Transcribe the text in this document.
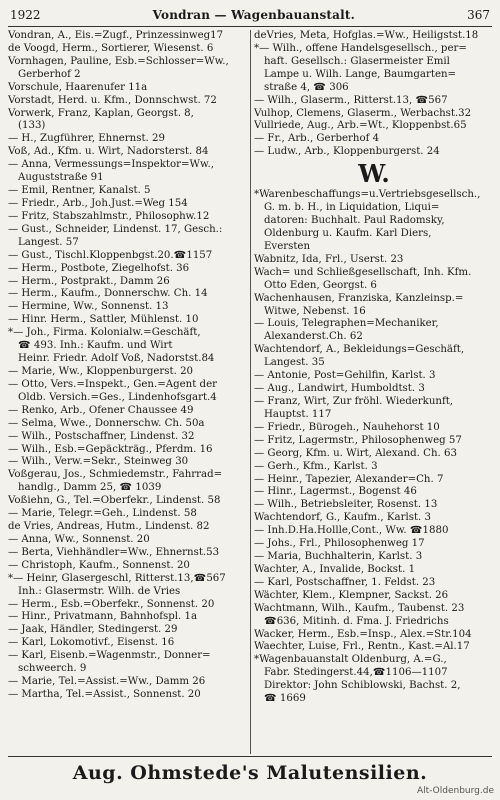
1922	Vondran — Wagenbauanstalt.	367
Vondran, A., Eis.=Zugf., Prinzessinweg17
de Voogd, Herm., Sortierer, Wiesenst. 6
Vornhagen, Pauline, Esb.=Schlosser=Ww.,
Gerberhof 2
Vorschule, Haarenufer 11a
Vorstadt, Herd. u. Kfm., Donnschwst. 72
Vorwerk, Franz, Kaplan, Georgst. 8,
(133)
— H., Zugführer, Ehnernst. 29
Voß, Ad., Kfm. u. Wirt, Nadorsterst. 84
— Anna, Vermessungs=Inspektor=Ww.,
Auguststraße 91
— Emil, Rentner, Kanalst. 5
— Friedr., Arb., Joh.Just.=Weg 154
— Fritz, Stabszahlmstr., Philosophw.12
— Gust., Schneider, Lindenst. 17, Gesch.:
Langest. 57
— Gust., Tischl.Kloppenbgst.20.☎1157
— Herm., Postbote, Ziegelhofst. 36
— Herm., Postprakt., Damm 26
— Herm., Kaufm., Donnerschw. Ch. 14
— Hermine, Ww., Sonnenst. 13
— Hinr. Herm., Sattler, Mühlenst. 10
*— Joh., Firma. Kolonialw.=Geschäft,
☎ 493. Inh.: Kaufm. und Wirt
Heinr. Friedr. Adolf Voß, Nadorstst.84
— Marie, Ww., Kloppenburgerst. 20
— Otto, Vers.=Inspekt., Gen.=Agent der
Oldb. Versich.=Ges., Lindenhofsgart.4
— Renko, Arb., Ofener Chaussee 49
— Selma, Wwe., Donnerschw. Ch. 50a
— Wilh., Postschaffner, Lindenst. 32
— Wilh., Esb.=Gepäckträg., Pferdm. 16
— Wilh., Verw.=Sekr., Steinweg 30
Voßgerau, Jos., Schmiedemstr., Fahrrad=
handlg., Damm 25, ☎ 1039
Voßiehn, G., Tel.=Oberfekr., Lindenst. 58
— Marie, Telegr.=Geh., Lindenst. 58
de Vries, Andreas, Hutm., Lindenst. 82
— Anna, Ww., Sonnenst. 20
— Berta, Viehhändler=Ww., Ehnernst.53
— Christoph, Kaufm., Sonnenst. 20
*— Heinr, Glasergeschl, Ritterst.13,☎567
Inh.: Glasermstr. Wilh. de Vries
— Herm., Esb.=Oberfekr., Sonnenst. 20
— Hinr., Privatmann, Bahnhofspl. 1a
— Jaak, Händler, Stedingerst. 29
— Karl, Lokomotivf., Eisenst. 16
— Karl, Eisenb.=Wagenmstr., Donner=
schweerch. 9
— Marie, Tel.=Assist.=Ww., Damm 26
— Martha, Tel.=Assist., Sonnenst. 20
deVries, Meta, Hofglas.=Ww., Heiligstst.18
*— Wilh., offene Handelsgesellsch., per=
haft. Gesellsch.: Glasermeister Emil
Lampe u. Wilh. Lange, Baumgarten=
straße 4, ☎ 306
— Wilh., Glaserm., Ritterst.13, ☎567
Vulhop, Clemens, Glaserm., Werbachst.32
Vullriede, Aug., Arb.=Wt., Kloppenbst.65
— Fr., Arb., Gerberhof 4
— Ludw., Arb., Kloppenburgerst. 24
W.
*Warenbeschaffungs=u.Vertriebsgesellsch.,
G. m. b. H., in Liquidation, Liqui=
datoren: Buchhalt. Paul Radomsky,
Oldenburg u. Kaufm. Karl Diers,
Eversten
Wabnitz, Ida, Frl., Userst. 23
Wach= und Schließgesellschaft, Inh. Kfm.
Otto Eden, Georgst. 6
Wachenhausen, Franziska, Kanzleinsp.=
Witwe, Nebenst. 16
— Louis, Telegraphen=Mechaniker,
Alexanderst.Ch. 62
Wachtendorf, A., Bekleidungs=Geschäft,
Langest. 35
— Antonie, Post=Gehilfin, Karlst. 3
— Aug., Landwirt, Humboldtst. 3
— Franz, Wirt, Zur fröhl. Wiederkunft,
Hauptst. 117
— Friedr., Bürogeh., Nauhehorst 10
— Fritz, Lagermstr., Philosophenweg 57
— Georg, Kfm. u. Wirt, Alexand. Ch. 63
— Gerh., Kfm., Karlst. 3
— Heinr., Tapezier, Alexander=Ch. 7
— Hinr., Lagermst., Bogenst 46
— Wilh., Betriebsleiter, Rosenst. 13
Wachtendorf, G., Kaufm., Karlst. 3
— Inh.D.Ha.Hollle,Cont., Ww. ☎1880
— Johs., Frl., Philosophenweg 17
— Maria, Buchhalterin, Karlst. 3
Wachter, A., Invalide, Bockst. 1
— Karl, Postschaffner, 1. Feldst. 23
Wächter, Klem., Klempner, Sackst. 26
Wachtmann, Wilh., Kaufm., Taubenst. 23
☎636, Mitinh. d. Fma. J. Friedrichs
Wacker, Herm., Esb.=Insp., Alex.=Str.104
Waechter, Luise, Frl., Rentn., Kast.=Al.17
*Wagenbauanstalt Oldenburg, A.=G.,
Fabr. Stedingerst.44,☎1106—1107
Direktor: John Schiblowski, Bachst. 2,
☎ 1669
Aug. Ohmstede's Malutensilien.
Alt-Oldenburg.de
